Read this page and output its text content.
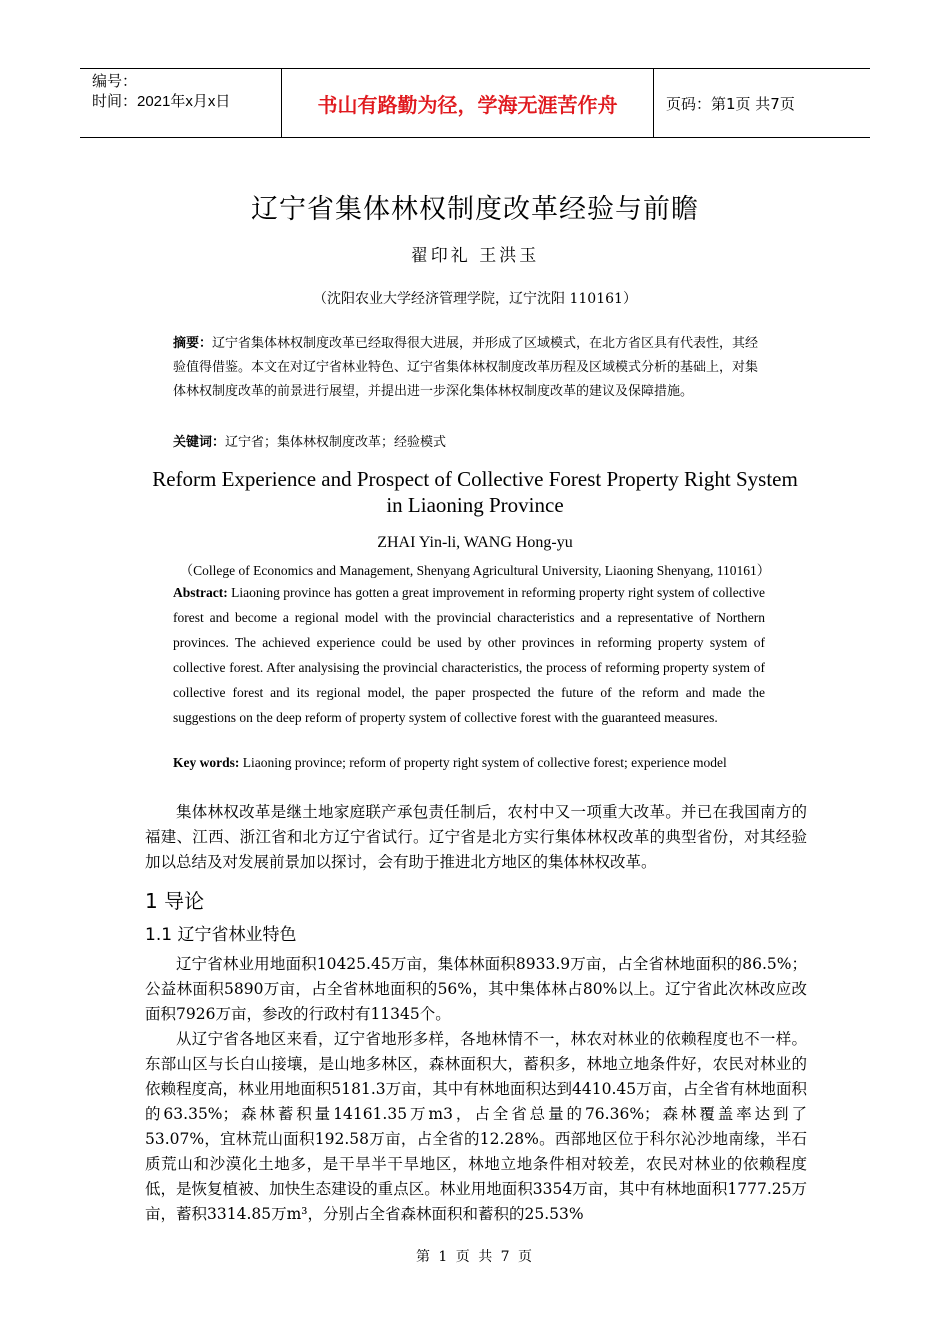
编号：
时间：2021年x月x日	书山有路勤为径，学海无涯苦作舟	页码：第1页 共7页
辽宁省集体林权制度改革经验与前瞻
翟印礼 王洪玉
（沈阳农业大学经济管理学院，辽宁沈阳 110161）
摘要：辽宁省集体林权制度改革已经取得很大进展，并形成了区域模式，在北方省区具有代表性，其经验值得借鉴。本文在对辽宁省林业特色、辽宁省集体林权制度改革历程及区域模式分析的基础上，对集体林权制度改革的前景进行展望，并提出进一步深化集体林权制度改革的建议及保障措施。
关键词：辽宁省；集体林权制度改革；经验模式
Reform Experience and Prospect of Collective Forest Property Right System in Liaoning Province
ZHAI Yin-li, WANG Hong-yu
（College of Economics and Management, Shenyang Agricultural University, Liaoning Shenyang, 110161）
Abstract: Liaoning province has gotten a great improvement in reforming property right system of collective forest and become a regional model with the provincial characteristics and a representative of Northern provinces. The achieved experience could be used by other provinces in reforming property system of collective forest. After analysising the provincial characteristics, the process of reforming property system of collective forest and its regional model, the paper prospected the future of the reform and made the suggestions on the deep reform of property system of collective forest with the guaranteed measures.
Key words: Liaoning province; reform of property right system of collective forest; experience model

集体林权改革是继土地家庭联产承包责任制后，农村中又一项重大改革。并已在我国南方的福建、江西、浙江省和北方辽宁省试行。辽宁省是北方实行集体林权改革的典型省份，对其经验加以总结及对发展前景加以探讨，会有助于推进北方地区的集体林权改革。

1 导论
1.1 辽宁省林业特色

辽宁省林业用地面积10425.45万亩，集体林面积8933.9万亩，占全省林地面积的86.5%；公益林面积5890万亩，占全省林地面积的56%，其中集体林占80%以上。辽宁省此次林改应改面积7926万亩，参改的行政村有11345个。

从辽宁省各地区来看，辽宁省地形多样，各地林情不一，林农对林业的依赖程度也不一样。东部山区与长白山接壤，是山地多林区，森林面积大，蓄积多，林地立地条件好，农民对林业的依赖程度高，林业用地面积5181.3万亩，其中有林地面积达到4410.45万亩，占全省有林地面积的63.35%；森林蓄积量14161.35万m3，占全省总量的76.36%；森林覆盖率达到了53.07%，宜林荒山面积192.58万亩，占全省的12.28%。西部地区位于科尔沁沙地南缘，半石质荒山和沙漠化土地多，是干旱半干旱地区，林地立地条件相对较差，农民对林业的依赖程度低，是恢复植被、加快生态建设的重点区。林业用地面积3354万亩，其中有林地面积1777.25万亩，蓄积3314.85万m³，分别占全省森林面积和蓄积的25.53%

第 1 页 共 7 页
